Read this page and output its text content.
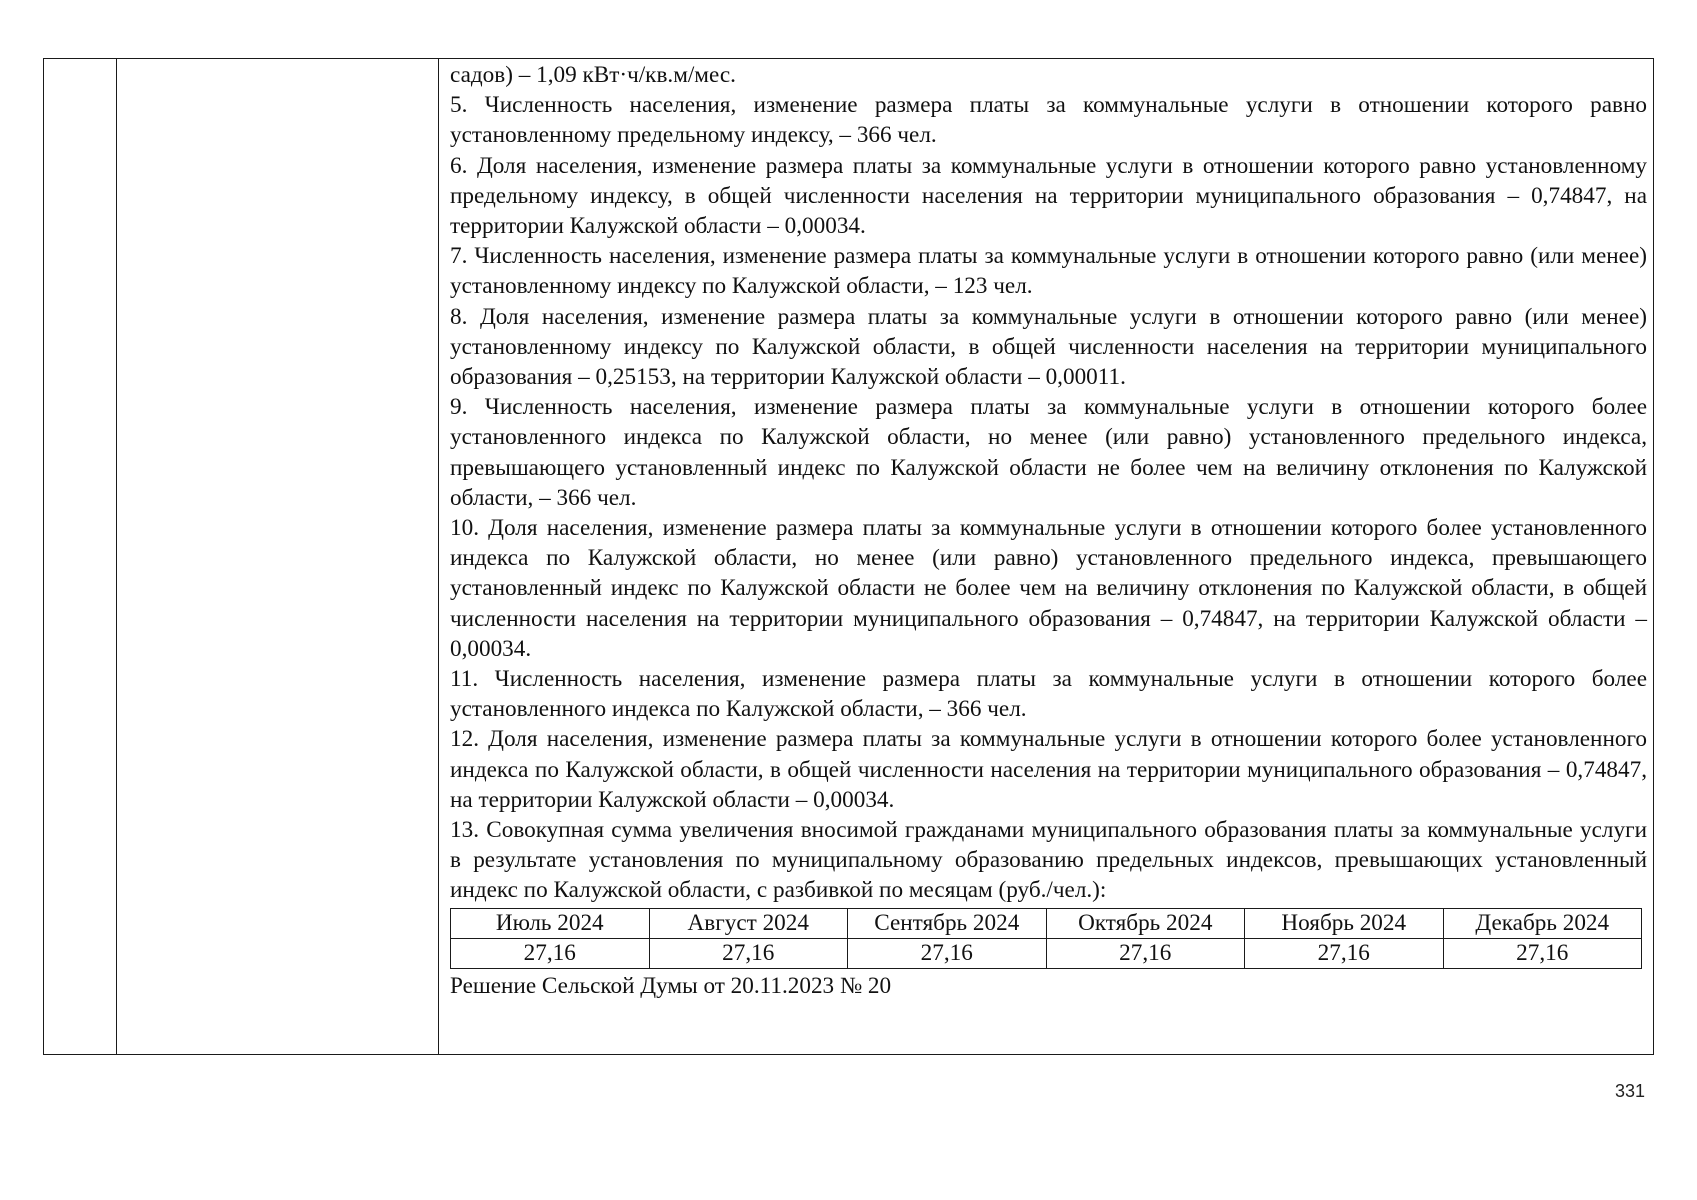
садов) – 1,09 кВт·ч/кв.м/мес.

5. Численность населения, изменение размера платы за коммунальные услуги в отношении которого равно установленному предельному индексу, – 366 чел.

6. Доля населения, изменение размера платы за коммунальные услуги в отношении которого равно установленному предельному индексу, в общей численности населения на территории муниципального образования – 0,74847, на территории Калужской области – 0,00034.

7. Численность населения, изменение размера платы за коммунальные услуги в отношении которого равно (или менее) установленному индексу по Калужской области, – 123 чел.

8. Доля населения, изменение размера платы за коммунальные услуги в отношении которого равно (или менее) установленному индексу по Калужской области, в общей численности населения на территории муниципального образования – 0,25153, на территории Калужской области – 0,00011.

9. Численность населения, изменение размера платы за коммунальные услуги в отношении которого более установленного индекса по Калужской области, но менее (или равно) установленного предельного индекса, превышающего установленный индекс по Калужской области не более чем на величину отклонения по Калужской области, – 366 чел.

10. Доля населения, изменение размера платы за коммунальные услуги в отношении которого более установленного индекса по Калужской области, но менее (или равно) установленного предельного индекса, превышающего установленный индекс по Калужской области не более чем на величину отклонения по Калужской области, в общей численности населения на территории муниципального образования – 0,74847, на территории Калужской области – 0,00034.

11. Численность населения, изменение размера платы за коммунальные услуги в отношении которого более установленного индекса по Калужской области, – 366 чел.

12. Доля населения, изменение размера платы за коммунальные услуги в отношении которого более установленного индекса по Калужской области, в общей численности населения на территории муниципального образования – 0,74847, на территории Калужской области – 0,00034.

13. Совокупная сумма увеличения вносимой гражданами муниципального образования платы за коммунальные услуги в результате установления по муниципальному образованию предельных индексов, превышающих установленный индекс по Калужской области, с разбивкой по месяцам (руб./чел.):

Июль 2024	Август 2024	Сентябрь 2024	Октябрь 2024	Ноябрь 2024	Декабрь 2024
27,16	27,16	27,16	27,16	27,16	27,16

Решение Сельской Думы от 20.11.2023 № 20

331
